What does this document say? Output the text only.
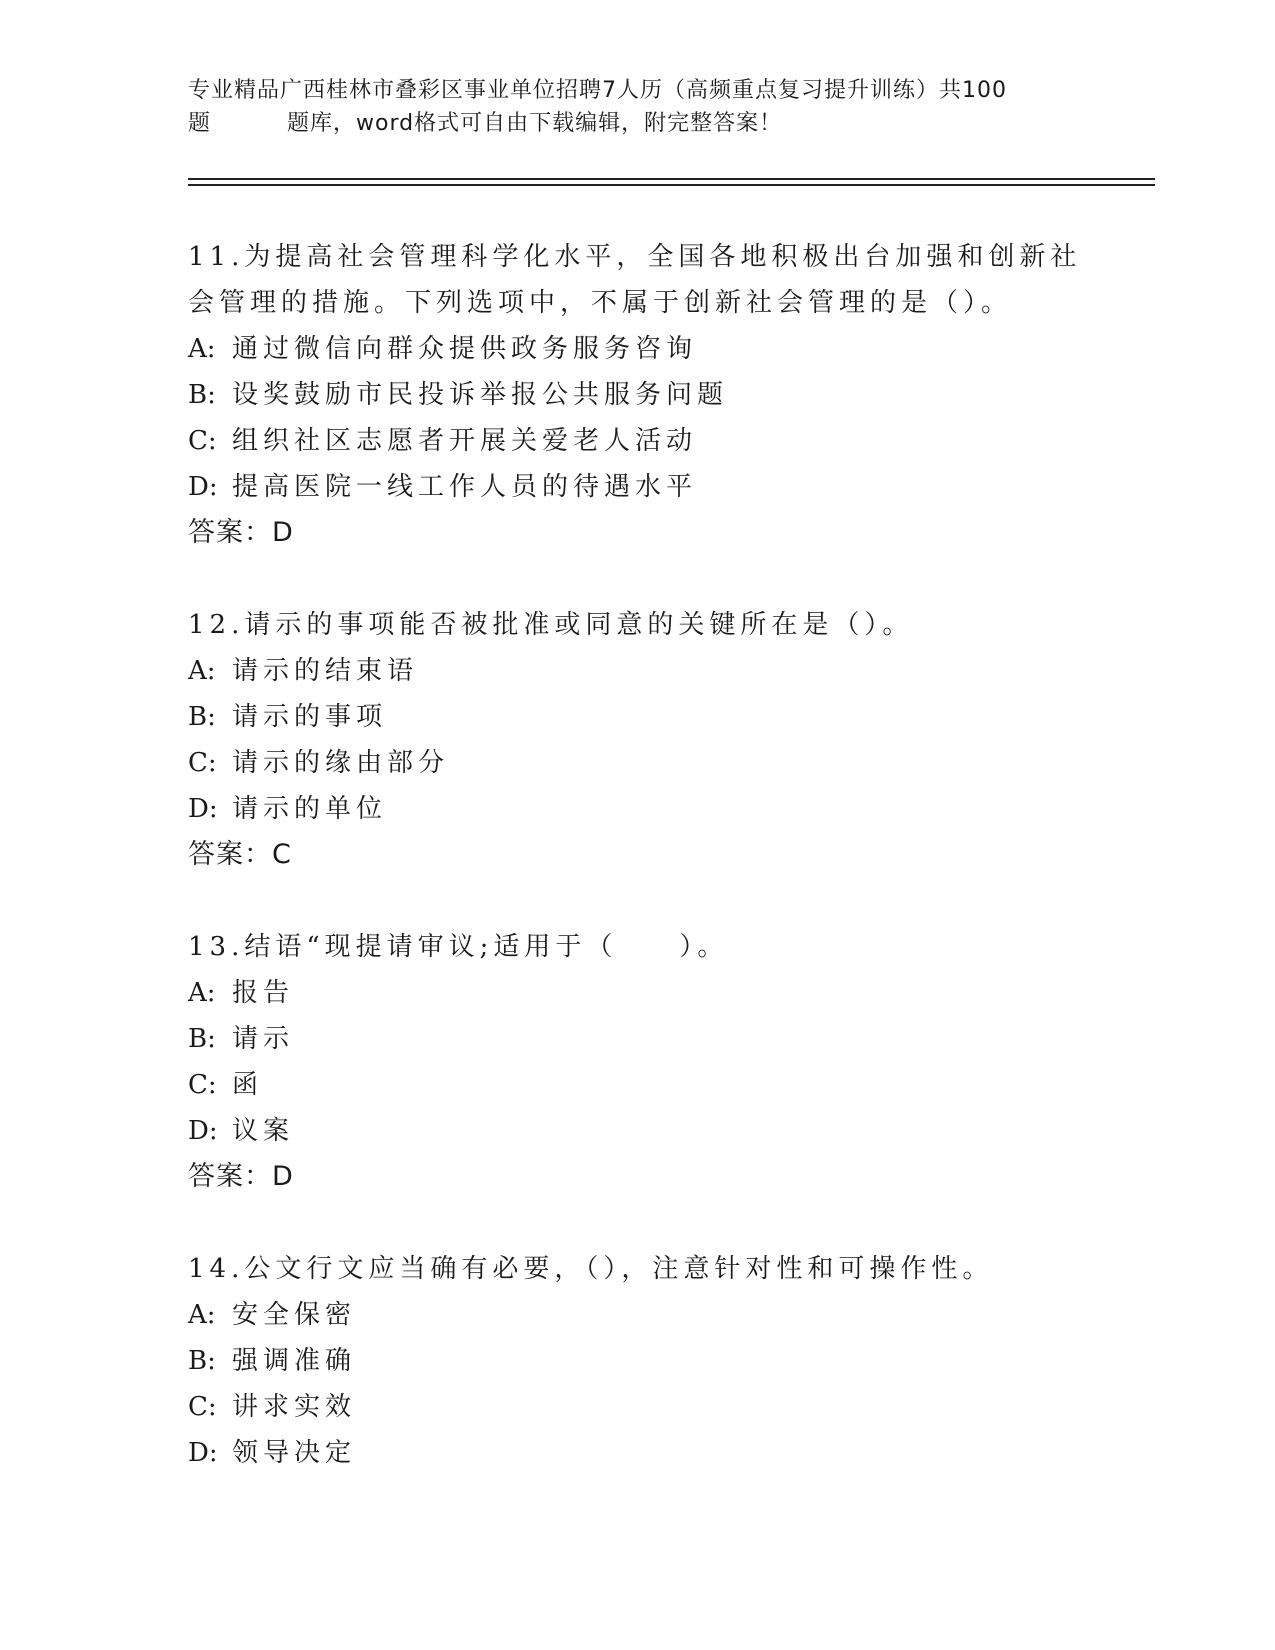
专业精品广西桂林市叠彩区事业单位招聘7人历（高频重点复习提升训练）共100
题	题库，word格式可自由下载编辑，附完整答案！

11.为提高社会管理科学化水平，全国各地积极出台加强和创新社会管理的措施。下列选项中，不属于创新社会管理的是（）。

A: 通过微信向群众提供政务服务咨询
B: 设奖鼓励市民投诉举报公共服务问题
C: 组织社区志愿者开展关爱老人活动
D: 提高医院一线工作人员的待遇水平
答案：D

12.请示的事项能否被批准或同意的关键所在是（）。

A: 请示的结束语
B: 请示的事项
C: 请示的缘由部分
D: 请示的单位
答案：C

13.结语“现提请审议;适用于（　　）。

A: 报告
B: 请示
C: 函
D: 议案
答案：D

14.公文行文应当确有必要，（），注意针对性和可操作性。

A: 安全保密
B: 强调准确
C: 讲求实效
D: 领导决定
